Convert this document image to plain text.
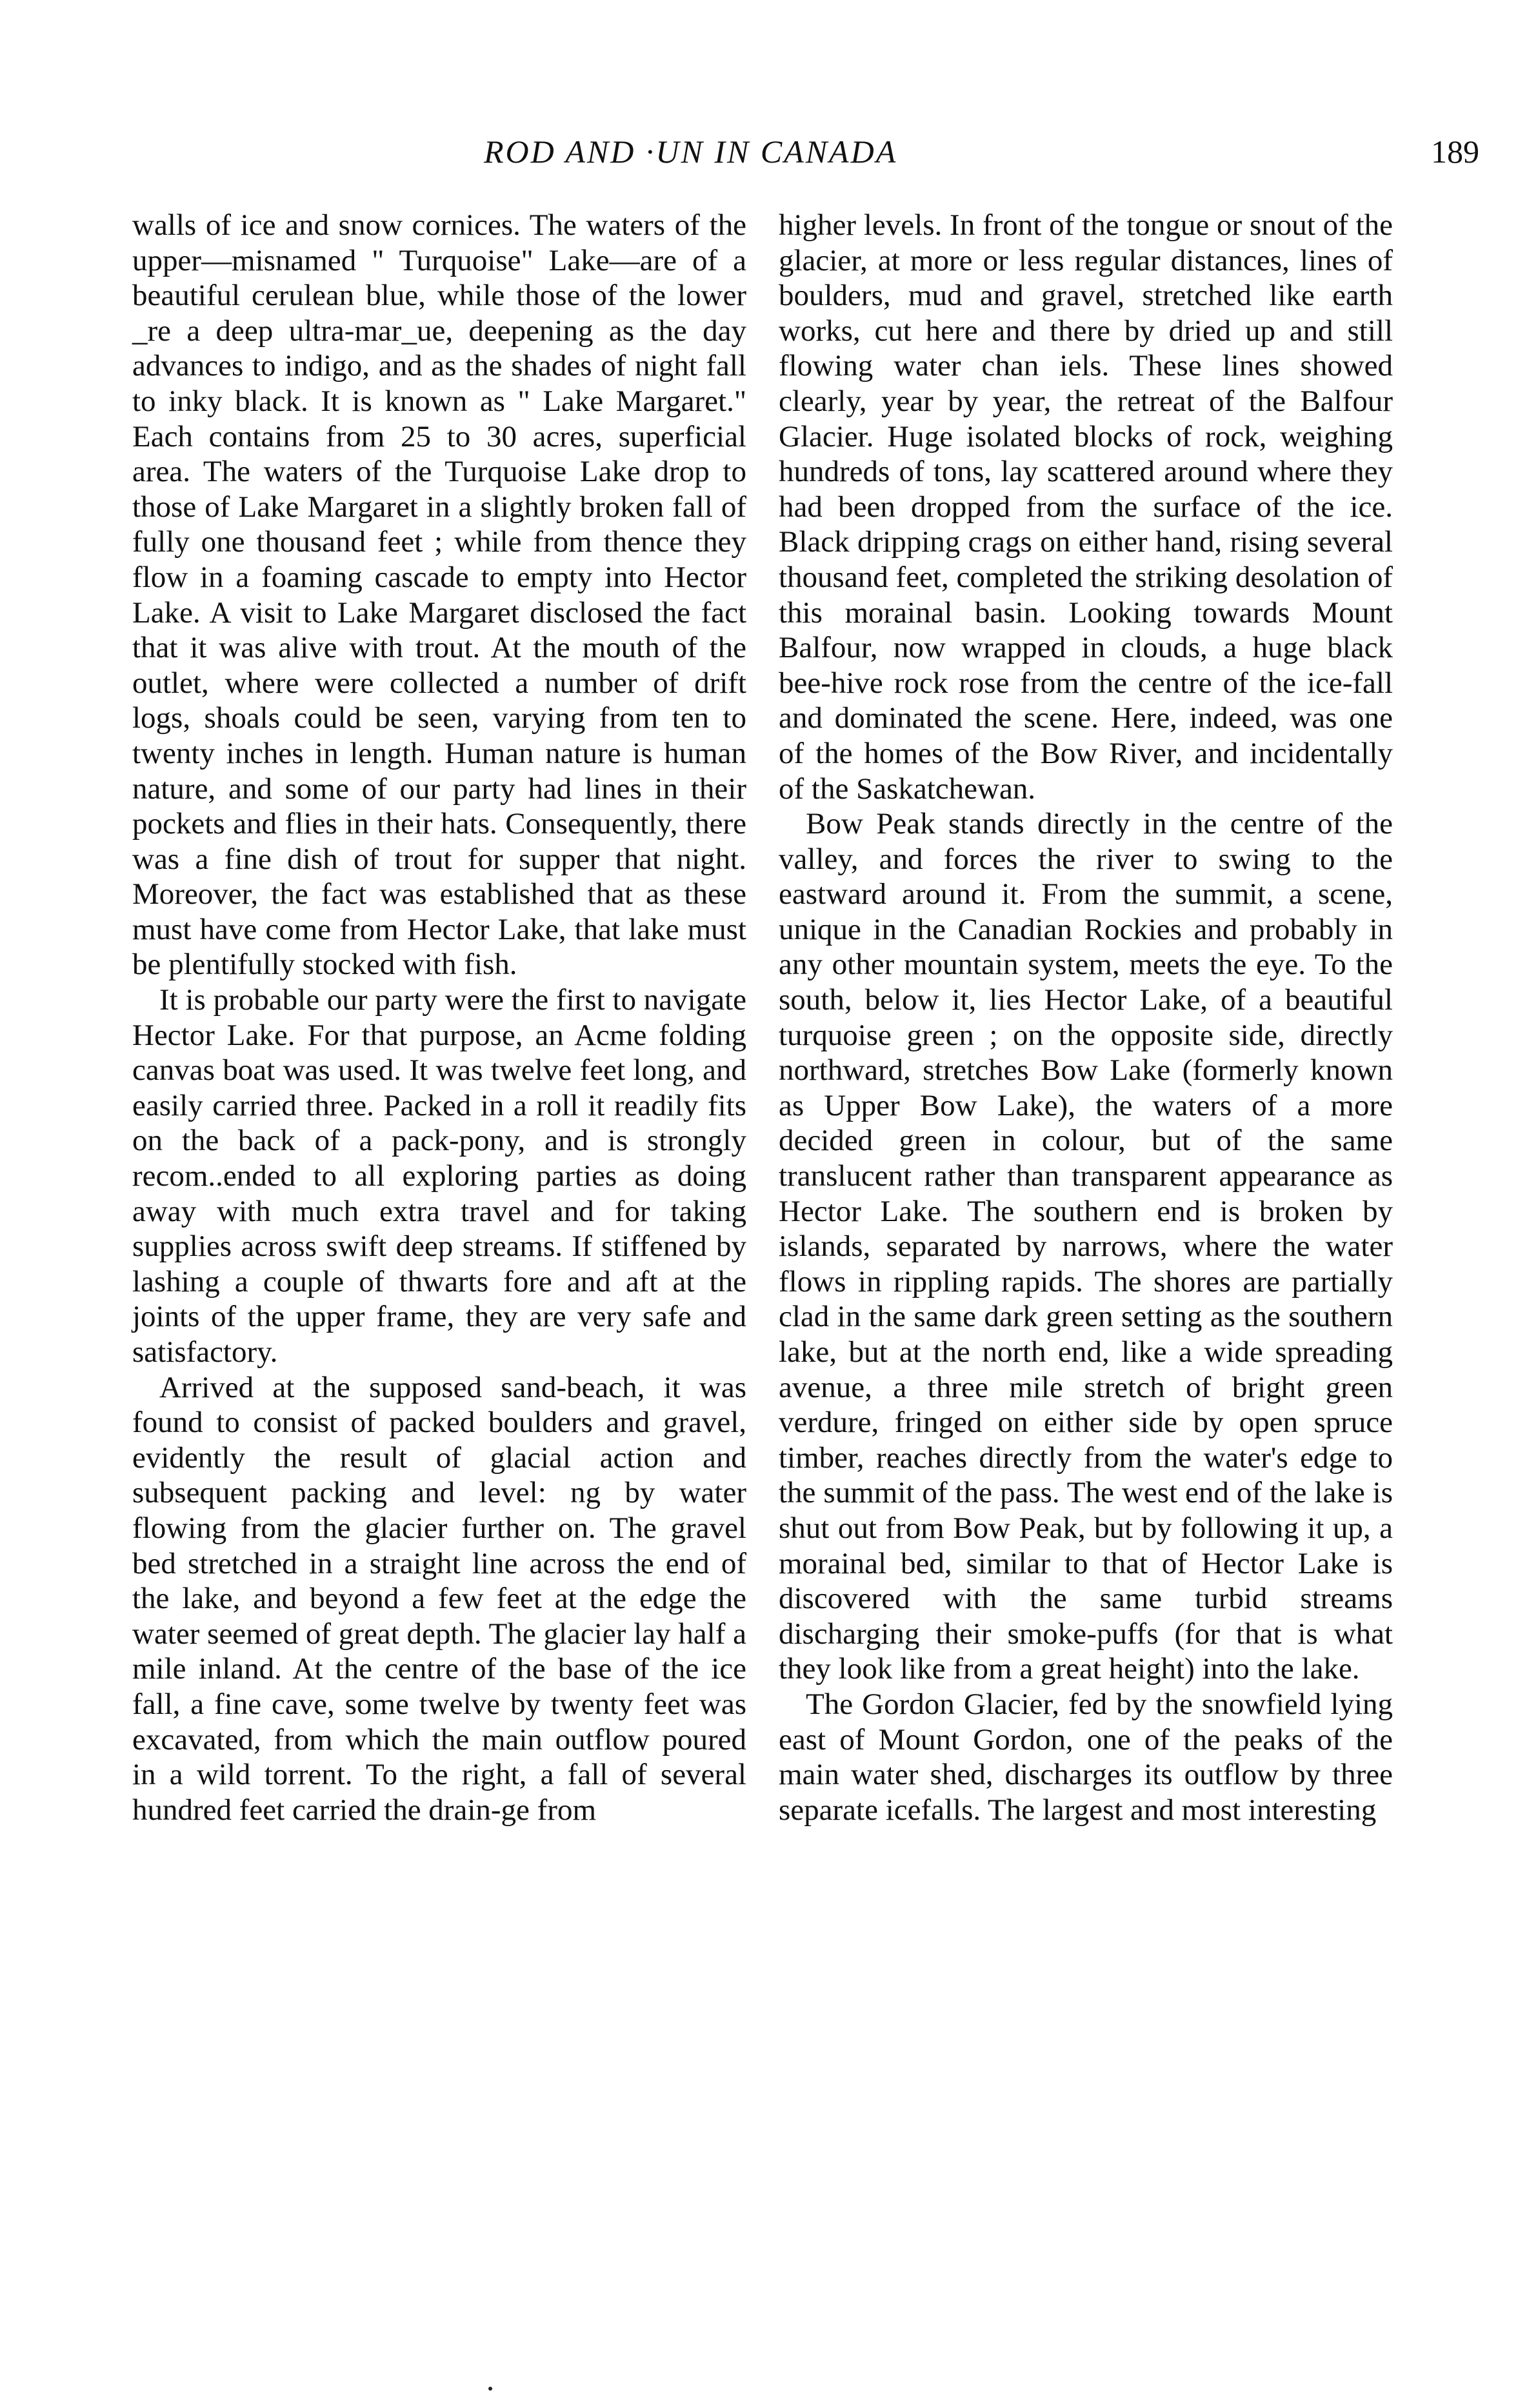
ROD AND ·UN IN CANADA	189

walls of ice and snow cornices. The waters of the upper—misnamed " Turquoise" Lake—are of a beautiful cerulean blue, while those of the lower _re a deep ultra-mar_ue, deepening as the day advances to indigo, and as the shades of night fall to inky black. It is known as " Lake Margaret." Each contains from 25 to 30 acres, superficial area. The waters of the Turquoise Lake drop to those of Lake Margaret in a slightly broken fall of fully one thousand feet ; while from thence they flow in a foaming cascade to empty into Hector Lake. A visit to Lake Margaret disclosed the fact that it was alive with trout. At the mouth of the outlet, where were collected a number of drift logs, shoals could be seen, varying from ten to twenty inches in length. Human nature is human nature, and some of our party had lines in their pockets and flies in their hats. Consequently, there was a fine dish of trout for supper that night. Moreover, the fact was established that as these must have come from Hector Lake, that lake must be plentifully stocked with fish.

It is probable our party were the first to navigate Hector Lake. For that purpose, an Acme folding canvas boat was used. It was twelve feet long, and easily carried three. Packed in a roll it readily fits on the back of a pack-pony, and is strongly recom..ended to all exploring parties as doing away with much extra travel and for taking supplies across swift deep streams. If stiffened by lashing a couple of thwarts fore and aft at the joints of the upper frame, they are very safe and satisfactory.

Arrived at the supposed sand-beach, it was found to consist of packed boulders and gravel, evidently the result of glacial action and subsequent packing and level: ng by water flowing from the glacier further on. The gravel bed stretched in a straight line across the end of the lake, and beyond a few feet at the edge the water seemed of great depth. The glacier lay half a mile inland. At the centre of the base of the ice fall, a fine cave, some twelve by twenty feet was excavated, from which the main outflow poured in a wild torrent. To the right, a fall of several hundred feet carried the drain-ge from

higher levels. In front of the tongue or snout of the glacier, at more or less regular distances, lines of boulders, mud and gravel, stretched like earth works, cut here and there by dried up and still flowing water chan iels. These lines showed clearly, year by year, the retreat of the Balfour Glacier. Huge isolated blocks of rock, weighing hundreds of tons, lay scattered around where they had been dropped from the surface of the ice. Black dripping crags on either hand, rising several thousand feet, completed the striking desolation of this morainal basin. Looking towards Mount Balfour, now wrapped in clouds, a huge black bee-hive rock rose from the centre of the ice-fall and dominated the scene. Here, indeed, was one of the homes of the Bow River, and incidentally of the Saskatchewan.

Bow Peak stands directly in the centre of the valley, and forces the river to swing to the eastward around it. From the summit, a scene, unique in the Canadian Rockies and probably in any other mountain system, meets the eye. To the south, below it, lies Hector Lake, of a beautiful turquoise green ; on the opposite side, directly northward, stretches Bow Lake (formerly known as Upper Bow Lake), the waters of a more decided green in colour, but of the same translucent rather than transparent appearance as Hector Lake. The southern end is broken by islands, separated by narrows, where the water flows in rippling rapids. The shores are partially clad in the same dark green setting as the southern lake, but at the north end, like a wide spreading avenue, a three mile stretch of bright green verdure, fringed on either side by open spruce timber, reaches directly from the water's edge to the summit of the pass. The west end of the lake is shut out from Bow Peak, but by following it up, a morainal bed, similar to that of Hector Lake is discovered with the same turbid streams discharging their smoke-puffs (for that is what they look like from a great height) into the lake.

The Gordon Glacier, fed by the snowfield lying east of Mount Gordon, one of the peaks of the main water shed, discharges its outflow by three separate icefalls. The largest and most interesting
